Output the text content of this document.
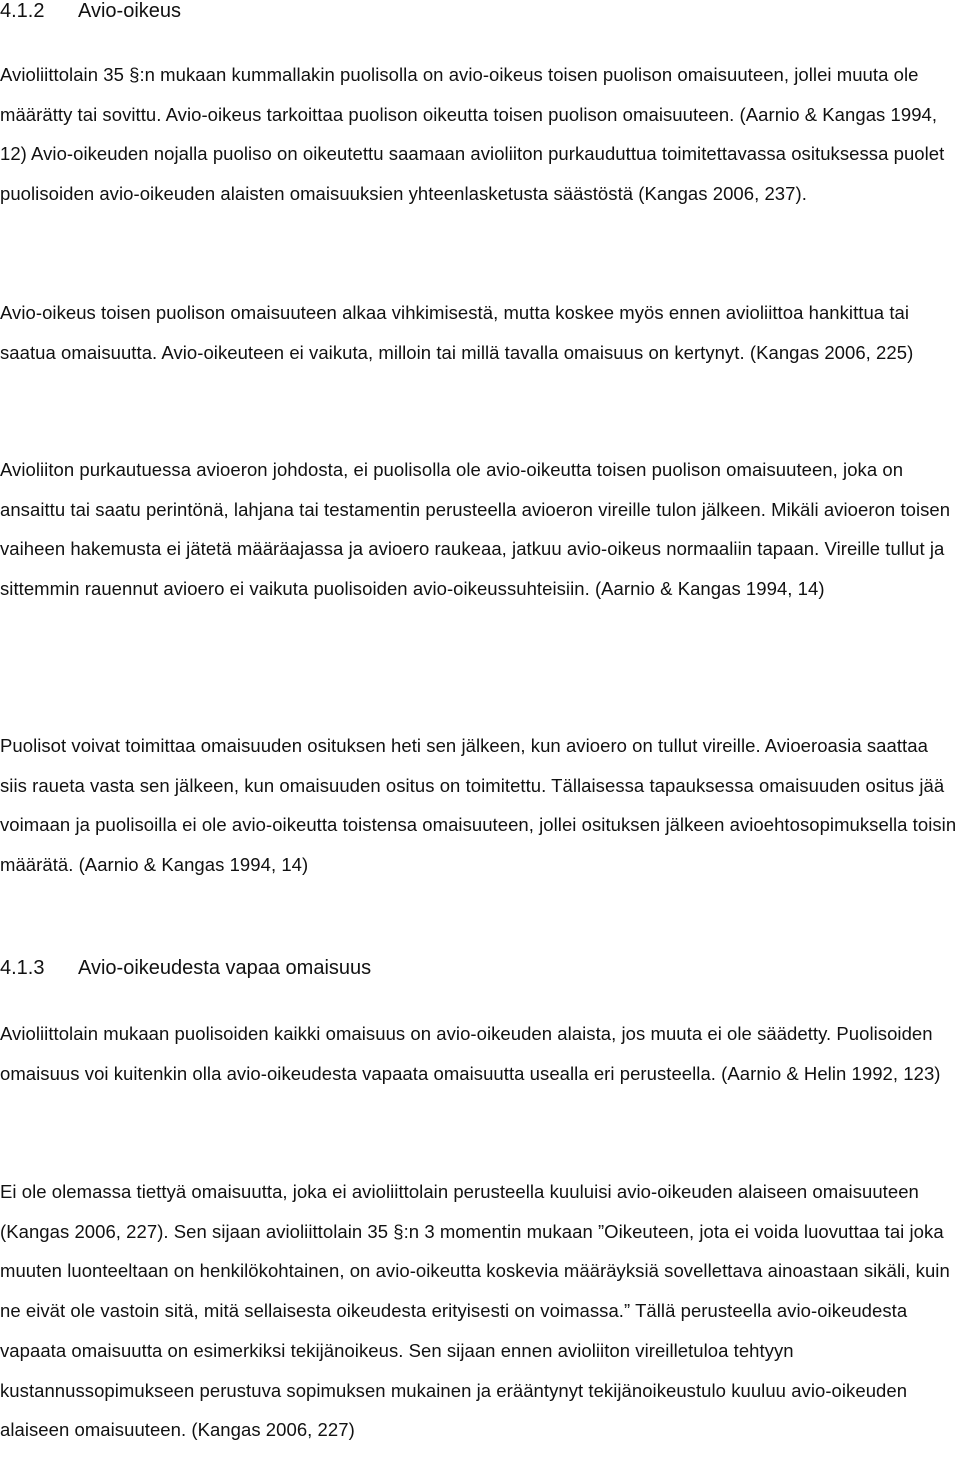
4.1.2	Avio-oikeus

Avioliittolain 35 §:n mukaan kummallakin puolisolla on avio-oikeus toisen puolison omaisuuteen, jollei muuta ole määrätty tai sovittu. Avio-oikeus tarkoittaa puolison oikeutta toisen puolison omaisuuteen. (Aarnio & Kangas 1994, 12) Avio-oikeuden nojalla puoliso on oikeutettu saamaan avioliiton purkauduttua toimitettavassa osituksessa puolet puolisoiden avio-oikeuden alaisten omaisuuksien yhteenlasketusta säästöstä (Kangas 2006, 237).

Avio-oikeus toisen puolison omaisuuteen alkaa vihkimisestä, mutta koskee myös ennen avioliittoa hankittua tai saatua omaisuutta. Avio-oikeuteen ei vaikuta, milloin tai millä tavalla omaisuus on kertynyt. (Kangas 2006, 225)

Avioliiton purkautuessa avioeron johdosta, ei puolisolla ole avio-oikeutta toisen puolison omaisuuteen, joka on ansaittu tai saatu perintönä, lahjana tai testamentin perusteella avioeron vireille tulon jälkeen. Mikäli avioeron toisen vaiheen hakemusta ei jätetä määräajassa ja avioero raukeaa, jatkuu avio-oikeus normaaliin tapaan. Vireille tullut ja sittemmin rauennut avioero ei vaikuta puolisoiden avio-oikeussuhteisiin. (Aarnio & Kangas 1994, 14)

Puolisot voivat toimittaa omaisuuden osituksen heti sen jälkeen, kun avioero on tullut vireille. Avioeroasia saattaa siis raueta vasta sen jälkeen, kun omaisuuden ositus on toimitettu. Tällaisessa tapauksessa omaisuuden ositus jää voimaan ja puolisoilla ei ole avio-oikeutta toistensa omaisuuteen, jollei osituksen jälkeen avioehtosopimuksella toisin määrätä. (Aarnio & Kangas 1994, 14)

4.1.3	Avio-oikeudesta vapaa omaisuus

Avioliittolain mukaan puolisoiden kaikki omaisuus on avio-oikeuden alaista, jos muuta ei ole säädetty. Puolisoiden omaisuus voi kuitenkin olla avio-oikeudesta vapaata omaisuutta usealla eri perusteella. (Aarnio & Helin 1992, 123)

Ei ole olemassa tiettyä omaisuutta, joka ei avioliittolain perusteella kuuluisi avio-oikeuden alaiseen omaisuuteen (Kangas 2006, 227). Sen sijaan avioliittolain 35 §:n 3 momentin mukaan ”Oikeuteen, jota ei voida luovuttaa tai joka muuten luonteeltaan on henkilökohtainen, on avio-oikeutta koskevia määräyksiä sovellettava ainoastaan sikäli, kuin ne eivät ole vastoin sitä, mitä sellaisesta oikeudesta erityisesti on voimassa.” Tällä perusteella avio-oikeudesta vapaata omaisuutta on esimerkiksi tekijänoikeus. Sen sijaan ennen avioliiton vireilletuloa tehtyyn kustannussopimukseen perustuva sopimuksen mukainen ja erääntynyt tekijänoikeustulo kuuluu avio-oikeuden alaiseen omaisuuteen. (Kangas 2006, 227)
